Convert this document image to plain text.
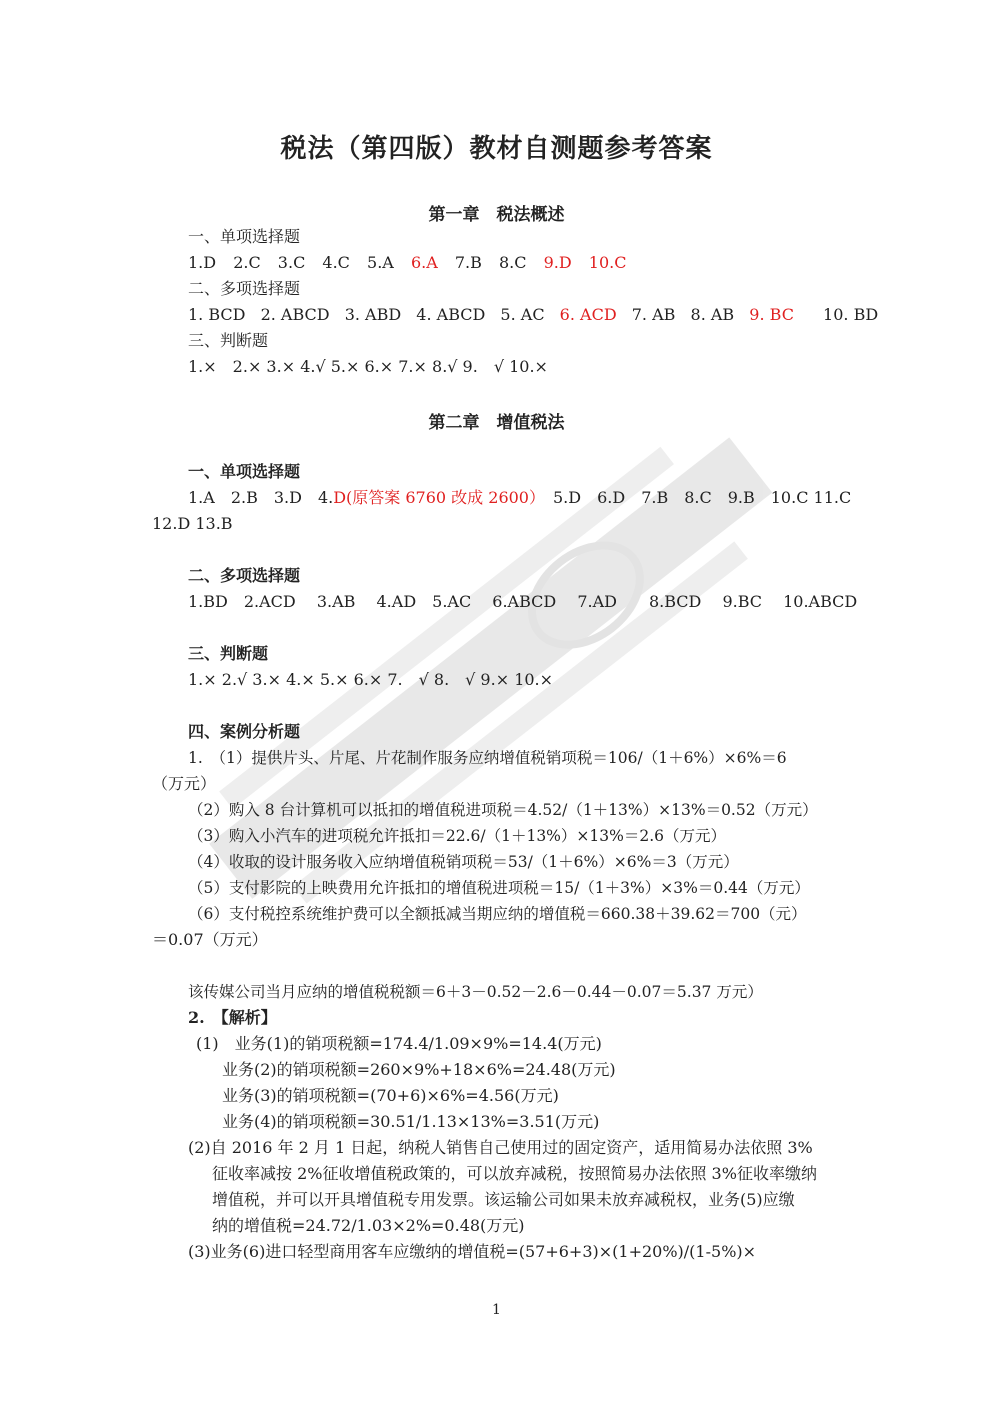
税法（第四版）教材自测题参考答案
第一章　税法概述
一、单项选择题
1.D 2.C 3.C 4.C 5.A 6.A 7.B 8.C 9.D 10.C
二、多项选择题
1. BCD 2. ABCD 3. ABD 4. ABCD 5. AC 6. ACD 7. AB 8. AB 9. BC 10. BD
三、判断题
1.×　2.× 3.× 4.√ 5.× 6.× 7.× 8.√ 9.　√ 10.×
第二章　增值税法
一、单项选择题
1.A　2.B　3.D　4.D(原答案 6760 改成 2600）　5.D　6.D　7.B　8.C　9.B　10.C 11.C
12.D 13.B
二、多项选择题
1.BD　2.ACD　 3.AB　 4.AD　5.AC　 6.ABCD　 7.AD　　8.BCD　 9.BC　 10.ABCD
三、判断题
1.× 2.√ 3.× 4.× 5.× 6.× 7.　√ 8.　√ 9.× 10.×
四、案例分析题
1.　（1）提供片头、片尾、片花制作服务应纳增值税销项税＝106/（1＋6%）×6%＝6
（万元）
（2）购入 8 台计算机可以抵扣的增值税进项税＝4.52/（1＋13%）×13%＝0.52（万元）
（3）购入小汽车的进项税允许抵扣＝22.6/（1＋13%）×13%＝2.6（万元）
（4）收取的设计服务收入应纳增值税销项税＝53/（1＋6%）×6%＝3（万元）
（5）支付影院的上映费用允许抵扣的增值税进项税＝15/（1＋3%）×3%＝0.44（万元）
（6）支付税控系统维护费可以全额抵减当期应纳的增值税＝660.38＋39.62＝700（元）
＝0.07（万元）
该传媒公司当月应纳的增值税税额＝6＋3－0.52－2.6－0.44－0.07＝5.37 万元）
2.　【解析】
(1)　业务(1)的销项税额=174.4/1.09×9%=14.4(万元)
业务(2)的销项税额=260×9%+18×6%=24.48(万元)
业务(3)的销项税额=(70+6)×6%=4.56(万元)
业务(4)的销项税额=30.51/1.13×13%=3.51(万元)
(2)自 2016 年 2 月 1 日起，纳税人销售自己使用过的固定资产，适用简易办法依照 3%
征收率减按 2%征收增值税政策的，可以放弃减税，按照简易办法依照 3%征收率缴纳
增值税，并可以开具增值税专用发票。该运输公司如果未放弃减税权，业务(5)应缴
纳的增值税=24.72/1.03×2%=0.48(万元)
(3)业务(6)进口轻型商用客车应缴纳的增值税=(57+6+3)×(1+20%)/(1-5%)×
1
